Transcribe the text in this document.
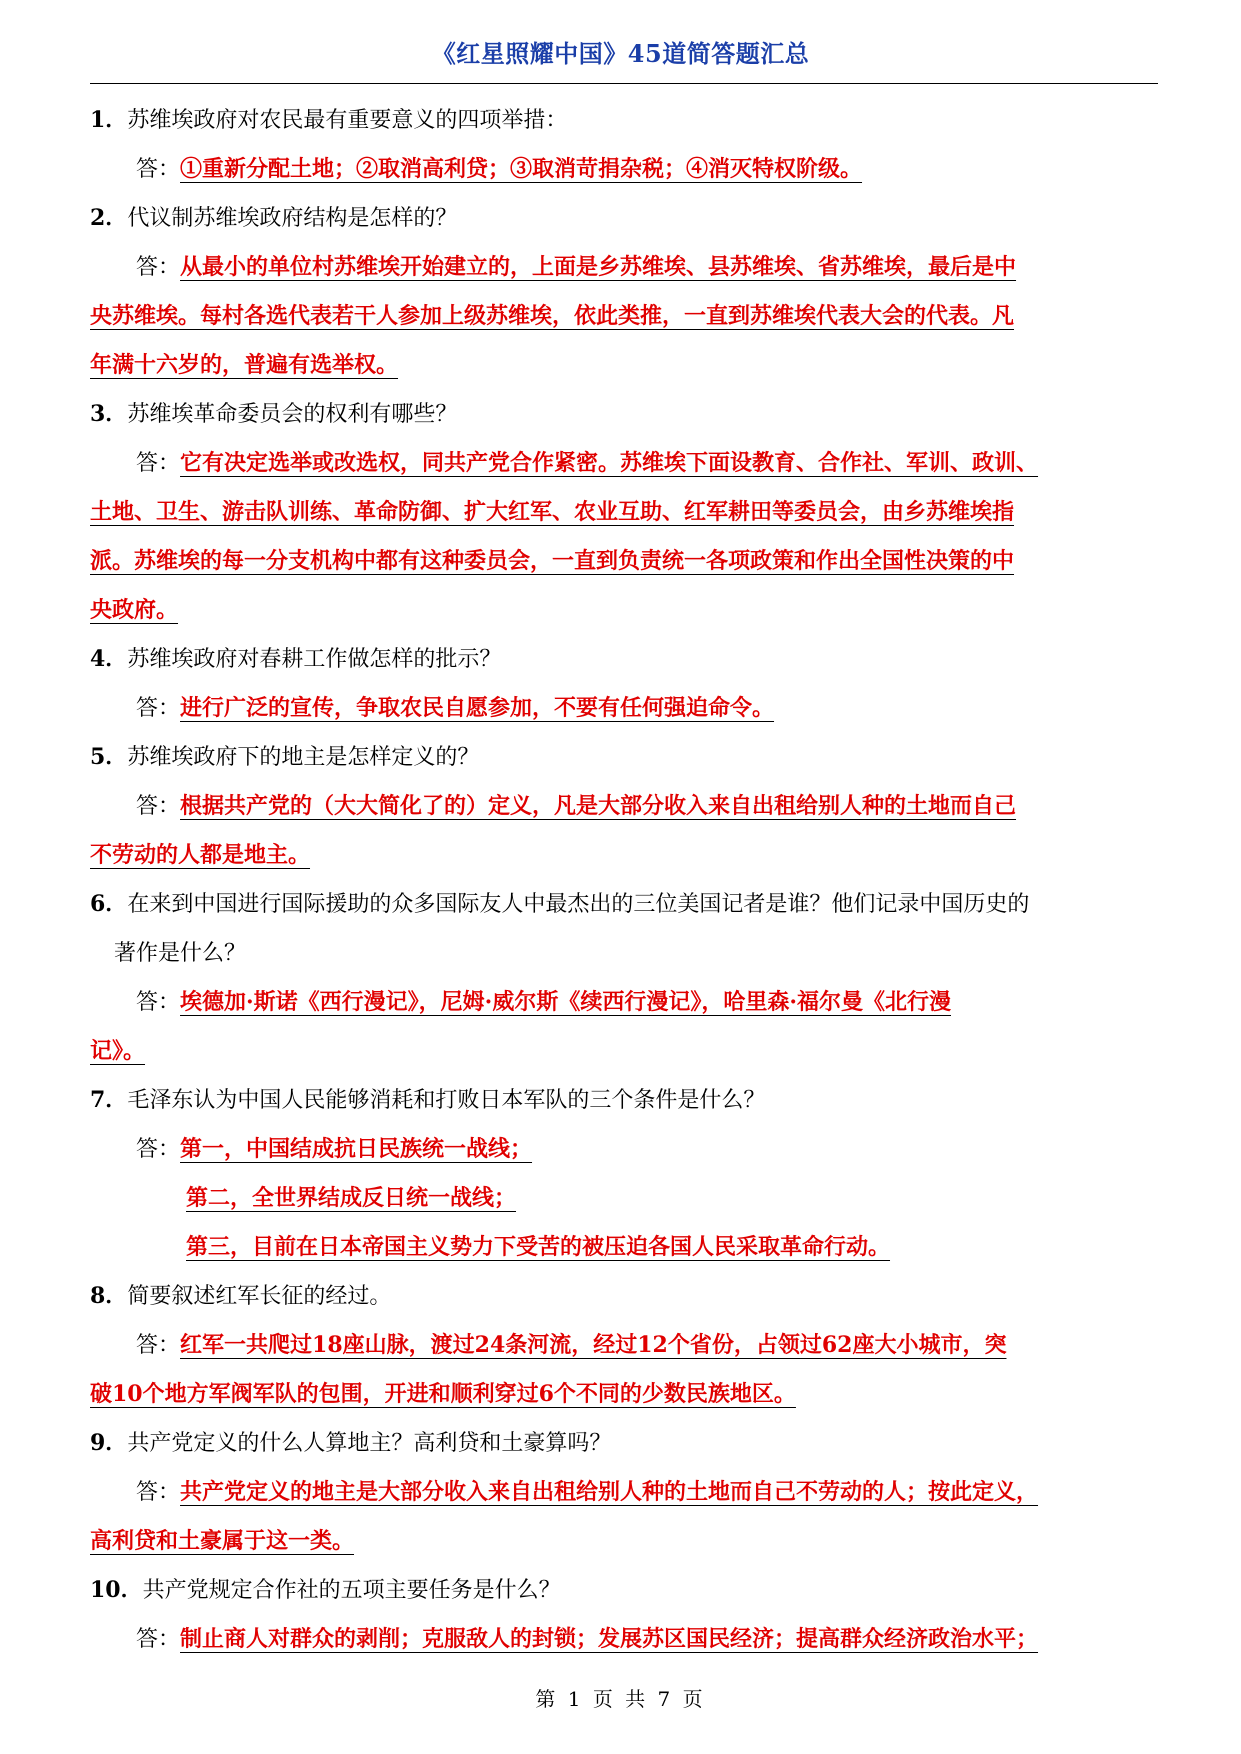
《红星照耀中国》45道简答题汇总

1．苏维埃政府对农民最有重要意义的四项举措：

答：①重新分配土地；②取消高利贷；③取消苛捐杂税；④消灭特权阶级。

2．代议制苏维埃政府结构是怎样的？

答：从最小的单位村苏维埃开始建立的，上面是乡苏维埃、县苏维埃、省苏维埃，最后是中

央苏维埃。每村各选代表若干人参加上级苏维埃，依此类推，一直到苏维埃代表大会的代表。凡

年满十六岁的，普遍有选举权。

3．苏维埃革命委员会的权利有哪些？

答：它有决定选举或改选权，同共产党合作紧密。苏维埃下面设教育、合作社、军训、政训、

土地、卫生、游击队训练、革命防御、扩大红军、农业互助、红军耕田等委员会，由乡苏维埃指

派。苏维埃的每一分支机构中都有这种委员会，一直到负责统一各项政策和作出全国性决策的中

央政府。

4．苏维埃政府对春耕工作做怎样的批示？

答：进行广泛的宣传，争取农民自愿参加，不要有任何强迫命令。

5．苏维埃政府下的地主是怎样定义的？

答：根据共产党的（大大简化了的）定义，凡是大部分收入来自出租给别人种的土地而自己

不劳动的人都是地主。

6．在来到中国进行国际援助的众多国际友人中最杰出的三位美国记者是谁？他们记录中国历史的

著作是什么？

答：埃德加·斯诺《西行漫记》，尼姆·威尔斯《续西行漫记》，哈里森·福尔曼《北行漫

记》。

7．毛泽东认为中国人民能够消耗和打败日本军队的三个条件是什么？

答：第一，中国结成抗日民族统一战线；

第二，全世界结成反日统一战线；

第三，目前在日本帝国主义势力下受苦的被压迫各国人民采取革命行动。

8．简要叙述红军长征的经过。

答：红军一共爬过18座山脉，渡过24条河流，经过12个省份，占领过62座大小城市，突

破10个地方军阀军队的包围，开进和顺利穿过6个不同的少数民族地区。

9．共产党定义的什么人算地主？高利贷和土豪算吗？

答：共产党定义的地主是大部分收入来自出租给别人种的土地而自己不劳动的人；按此定义，

高利贷和土豪属于这一类。

10．共产党规定合作社的五项主要任务是什么？

答：制止商人对群众的剥削；克服敌人的封锁；发展苏区国民经济；提高群众经济政治水平；

第 1 页 共 7 页
